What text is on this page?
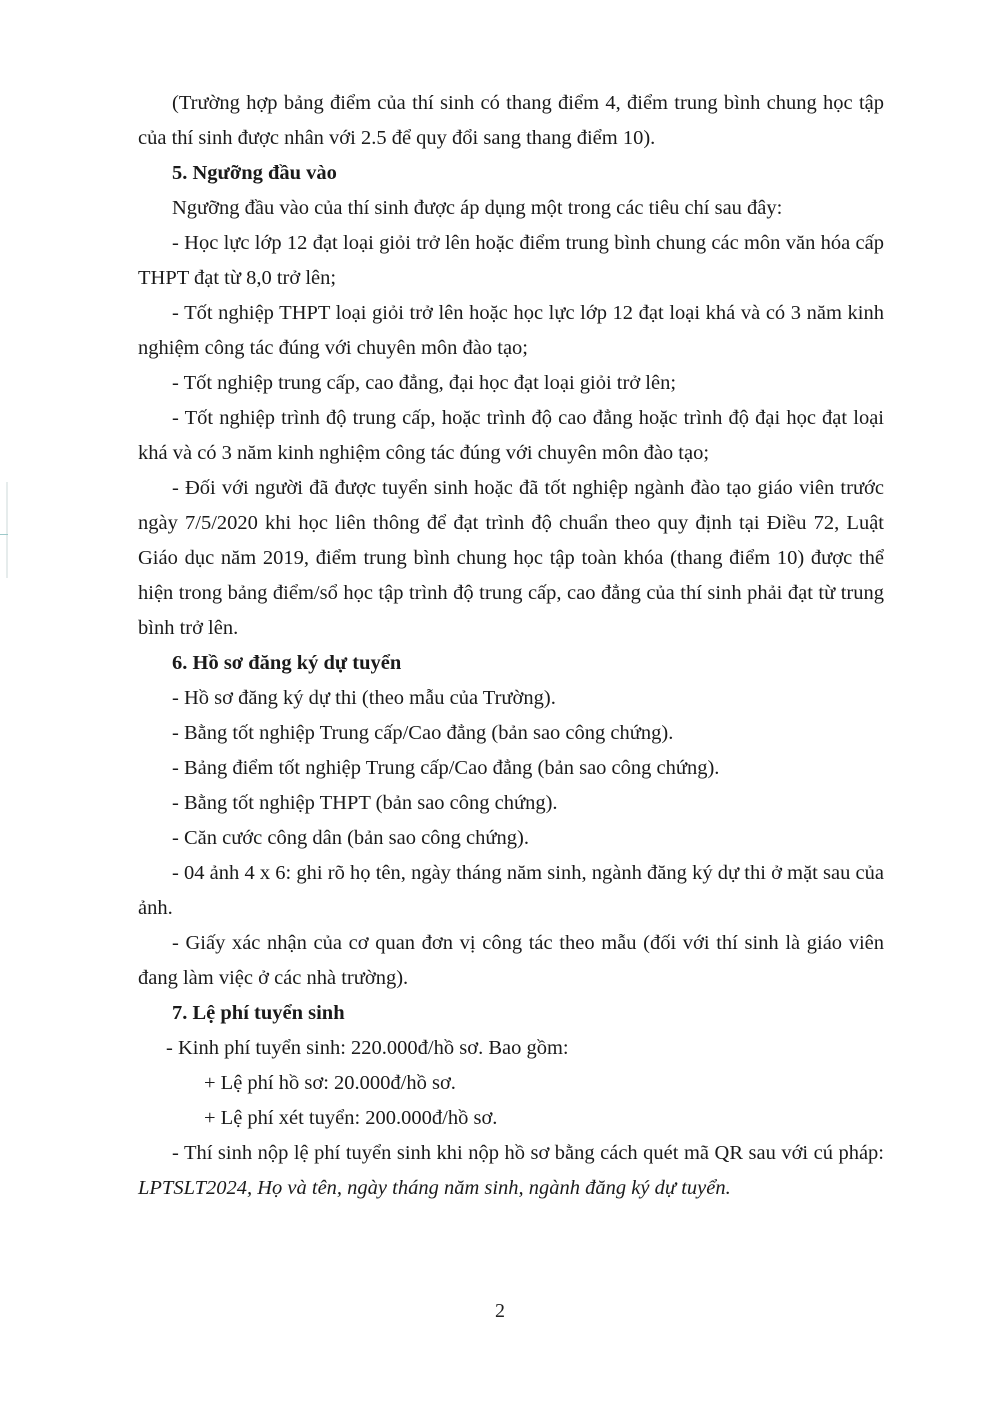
(Trường hợp bảng điểm của thí sinh có thang điểm 4, điểm trung bình chung học tập của thí sinh được nhân với 2.5 để quy đổi sang thang điểm 10).

5. Ngưỡng đầu vào

Ngưỡng đầu vào của thí sinh được áp dụng một trong các tiêu chí sau đây:

- Học lực lớp 12 đạt loại giỏi trở lên hoặc điểm trung bình chung các môn văn hóa cấp THPT đạt từ 8,0 trở lên;

- Tốt nghiệp THPT loại giỏi trở lên hoặc học lực lớp 12 đạt loại khá và có 3 năm kinh nghiệm công tác đúng với chuyên môn đào tạo;

- Tốt nghiệp trung cấp, cao đẳng, đại học đạt loại giỏi trở lên;

- Tốt nghiệp trình độ trung cấp, hoặc trình độ cao đẳng hoặc trình độ đại học đạt loại khá và có 3 năm kinh nghiệm công tác đúng với chuyên môn đào tạo;

- Đối với người đã được tuyển sinh hoặc đã tốt nghiệp ngành đào tạo giáo viên trước ngày 7/5/2020 khi học liên thông để đạt trình độ chuẩn theo quy định tại Điều 72, Luật Giáo dục năm 2019, điểm trung bình chung học tập toàn khóa (thang điểm 10) được thể hiện trong bảng điểm/sổ học tập trình độ trung cấp, cao đẳng của thí sinh phải đạt từ trung bình trở lên.

6. Hồ sơ đăng ký dự tuyển

- Hồ sơ đăng ký dự thi (theo mẫu của Trường).

- Bằng tốt nghiệp Trung cấp/Cao đẳng (bản sao công chứng).

- Bảng điểm tốt nghiệp Trung cấp/Cao đẳng (bản sao công chứng).

- Bằng tốt nghiệp THPT (bản sao công chứng).

- Căn cước công dân (bản sao công chứng).

- 04 ảnh 4 x 6: ghi rõ họ tên, ngày tháng năm sinh, ngành đăng ký dự thi ở mặt sau của ảnh.

- Giấy xác nhận của cơ quan đơn vị công tác theo mẫu (đối với thí sinh là giáo viên đang làm việc ở các nhà trường).

7. Lệ phí tuyển sinh

- Kinh phí tuyển sinh: 220.000đ/hồ sơ. Bao gồm:

+ Lệ phí hồ sơ: 20.000đ/hồ sơ.

+ Lệ phí xét tuyển: 200.000đ/hồ sơ.

- Thí sinh nộp lệ phí tuyển sinh khi nộp hồ sơ bằng cách quét mã QR sau với cú pháp: LPTSLT2024, Họ và tên, ngày tháng năm sinh, ngành đăng ký dự tuyển.

2
